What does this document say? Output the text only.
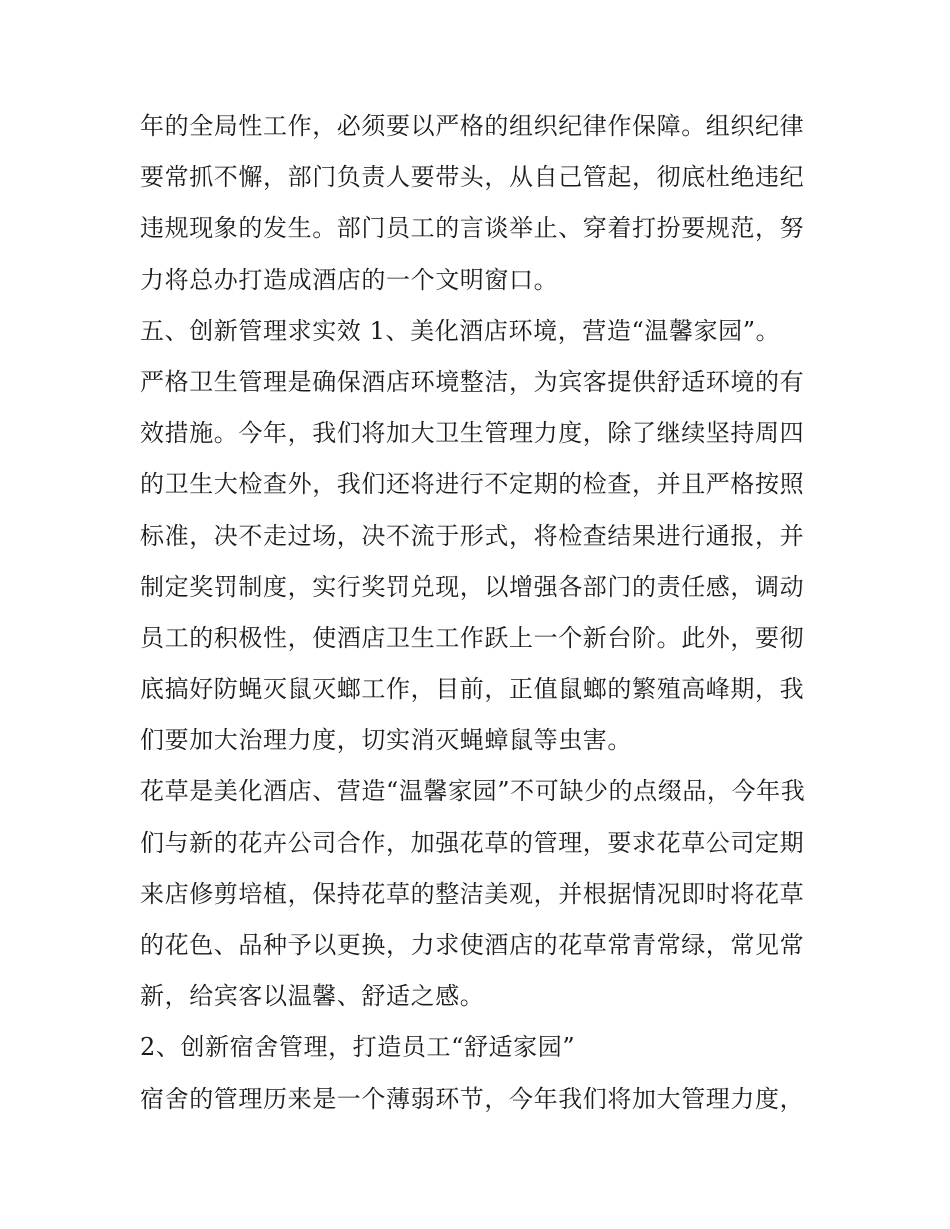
年的全局性工作，必须要以严格的组织纪律作保障。组织纪律
要常抓不懈，部门负责人要带头，从自己管起，彻底杜绝违纪
违规现象的发生。部门员工的言谈举止、穿着打扮要规范，努
力将总办打造成酒店的一个文明窗口。
五、创新管理求实效 1、美化酒店环境，营造“温馨家园”。
严格卫生管理是确保酒店环境整洁，为宾客提供舒适环境的有
效措施。今年，我们将加大卫生管理力度，除了继续坚持周四
的卫生大检查外，我们还将进行不定期的检查，并且严格按照
标准，决不走过场，决不流于形式，将检查结果进行通报，并
制定奖罚制度，实行奖罚兑现，以增强各部门的责任感，调动
员工的积极性，使酒店卫生工作跃上一个新台阶。此外，要彻
底搞好防蝇灭鼠灭螂工作，目前，正值鼠螂的繁殖高峰期，我
们要加大治理力度，切实消灭蝇蟑鼠等虫害。
花草是美化酒店、营造“温馨家园”不可缺少的点缀品，今年我
们与新的花卉公司合作，加强花草的管理，要求花草公司定期
来店修剪培植，保持花草的整洁美观，并根据情况即时将花草
的花色、品种予以更换，力求使酒店的花草常青常绿，常见常
新，给宾客以温馨、舒适之感。
2、创新宿舍管理，打造员工“舒适家园”
宿舍的管理历来是一个薄弱环节，今年我们将加大管理力度，
